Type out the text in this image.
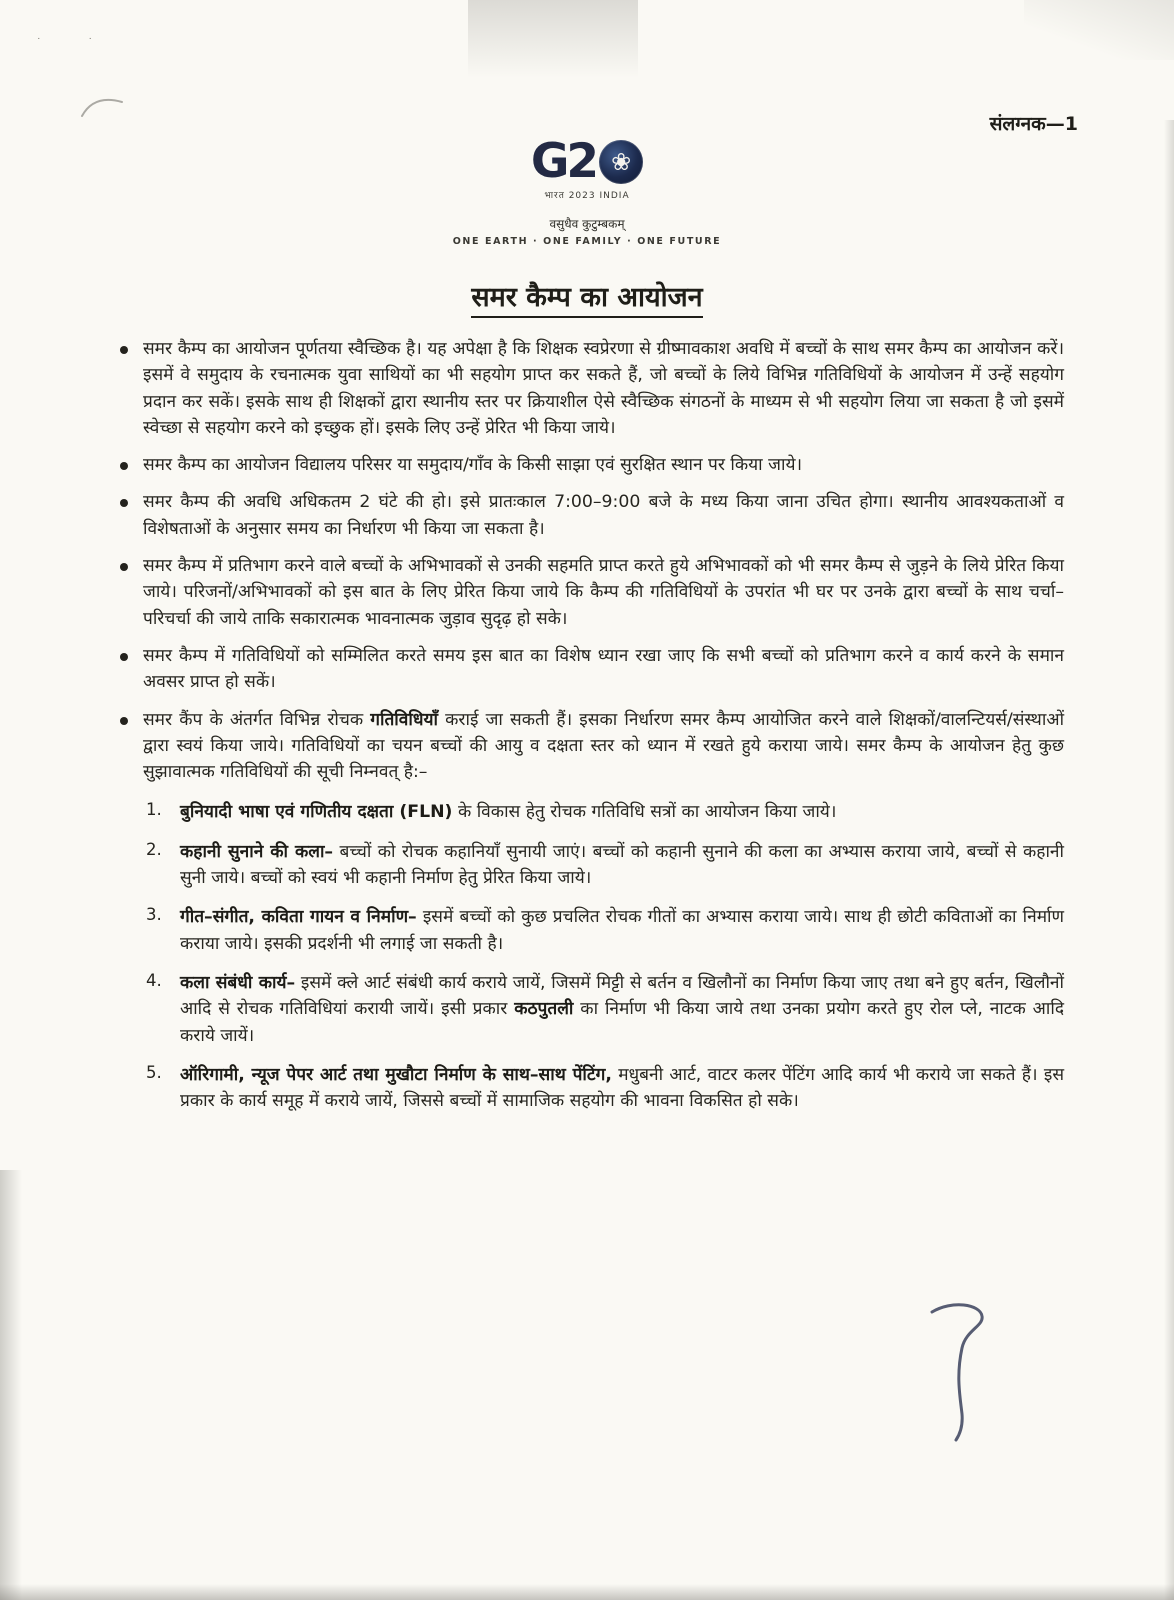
˙˙
संलग्नक—1
G2 ❀
भारत 2023 INDIA
वसुधैव कुटुम्बकम्
ONE EARTH · ONE FAMILY · ONE FUTURE
समर कैम्प का आयोजन
समर कैम्प का आयोजन पूर्णतया स्वैच्छिक है। यह अपेक्षा है कि शिक्षक स्वप्रेरणा से ग्रीष्मावकाश अवधि में बच्चों के साथ समर कैम्प का आयोजन करें। इसमें वे समुदाय के रचनात्मक युवा साथियों का भी सहयोग प्राप्त कर सकते हैं, जो बच्चों के लिये विभिन्न गतिविधियों के आयोजन में उन्हें सहयोग प्रदान कर सकें। इसके साथ ही शिक्षकों द्वारा स्थानीय स्तर पर क्रियाशील ऐसे स्वैच्छिक संगठनों के माध्यम से भी सहयोग लिया जा सकता है जो इसमें स्वेच्छा से सहयोग करने को इच्छुक हों। इसके लिए उन्हें प्रेरित भी किया जाये।
समर कैम्प का आयोजन विद्यालय परिसर या समुदाय/गाँव के किसी साझा एवं सुरक्षित स्थान पर किया जाये।
समर कैम्प की अवधि अधिकतम 2 घंटे की हो। इसे प्रातःकाल 7:00–9:00 बजे के मध्य किया जाना उचित होगा। स्थानीय आवश्यकताओं व विशेषताओं के अनुसार समय का निर्धारण भी किया जा सकता है।
समर कैम्प में प्रतिभाग करने वाले बच्चों के अभिभावकों से उनकी सहमति प्राप्त करते हुये अभिभावकों को भी समर कैम्प से जुड़ने के लिये प्रेरित किया जाये। परिजनों/अभिभावकों को इस बात के लिए प्रेरित किया जाये कि कैम्प की गतिविधियों के उपरांत भी घर पर उनके द्वारा बच्चों के साथ चर्चा–परिचर्चा की जाये ताकि सकारात्मक भावनात्मक जुड़ाव सुदृढ़ हो सके।
समर कैम्प में गतिविधियों को सम्मिलित करते समय इस बात का विशेष ध्यान रखा जाए कि सभी बच्चों को प्रतिभाग करने व कार्य करने के समान अवसर प्राप्त हो सकें।
समर कैंप के अंतर्गत विभिन्न रोचक गतिविधियाँ कराई जा सकती हैं। इसका निर्धारण समर कैम्प आयोजित करने वाले शिक्षकों/वालन्टियर्स/संस्थाओं द्वारा स्वयं किया जाये। गतिविधियों का चयन बच्चों की आयु व दक्षता स्तर को ध्यान में रखते हुये कराया जाये। समर कैम्प के आयोजन हेतु कुछ सुझावात्मक गतिविधियों की सूची निम्नवत् है:–
1.	बुनियादी भाषा एवं गणितीय दक्षता (FLN) के विकास हेतु रोचक गतिविधि सत्रों का आयोजन किया जाये।
2.	कहानी सुनाने की कला– बच्चों को रोचक कहानियाँ सुनायी जाएं। बच्चों को कहानी सुनाने की कला का अभ्यास कराया जाये, बच्चों से कहानी सुनी जाये। बच्चों को स्वयं भी कहानी निर्माण हेतु प्रेरित किया जाये।
3.	गीत–संगीत, कविता गायन व निर्माण– इसमें बच्चों को कुछ प्रचलित रोचक गीतों का अभ्यास कराया जाये। साथ ही छोटी कविताओं का निर्माण कराया जाये। इसकी प्रदर्शनी भी लगाई जा सकती है।
4.	कला संबंधी कार्य– इसमें क्ले आर्ट संबंधी कार्य कराये जायें, जिसमें मिट्टी से बर्तन व खिलौनों का निर्माण किया जाए तथा बने हुए बर्तन, खिलौनों आदि से रोचक गतिविधियां करायी जायें। इसी प्रकार कठपुतली का निर्माण भी किया जाये तथा उनका प्रयोग करते हुए रोल प्ले, नाटक आदि कराये जायें।
5.	ऑरिगामी, न्यूज पेपर आर्ट तथा मुखौटा निर्माण के साथ–साथ पेंटिंग, मधुबनी आर्ट, वाटर कलर पेंटिंग आदि कार्य भी कराये जा सकते हैं। इस प्रकार के कार्य समूह में कराये जायें, जिससे बच्चों में सामाजिक सहयोग की भावना विकसित हो सके।
